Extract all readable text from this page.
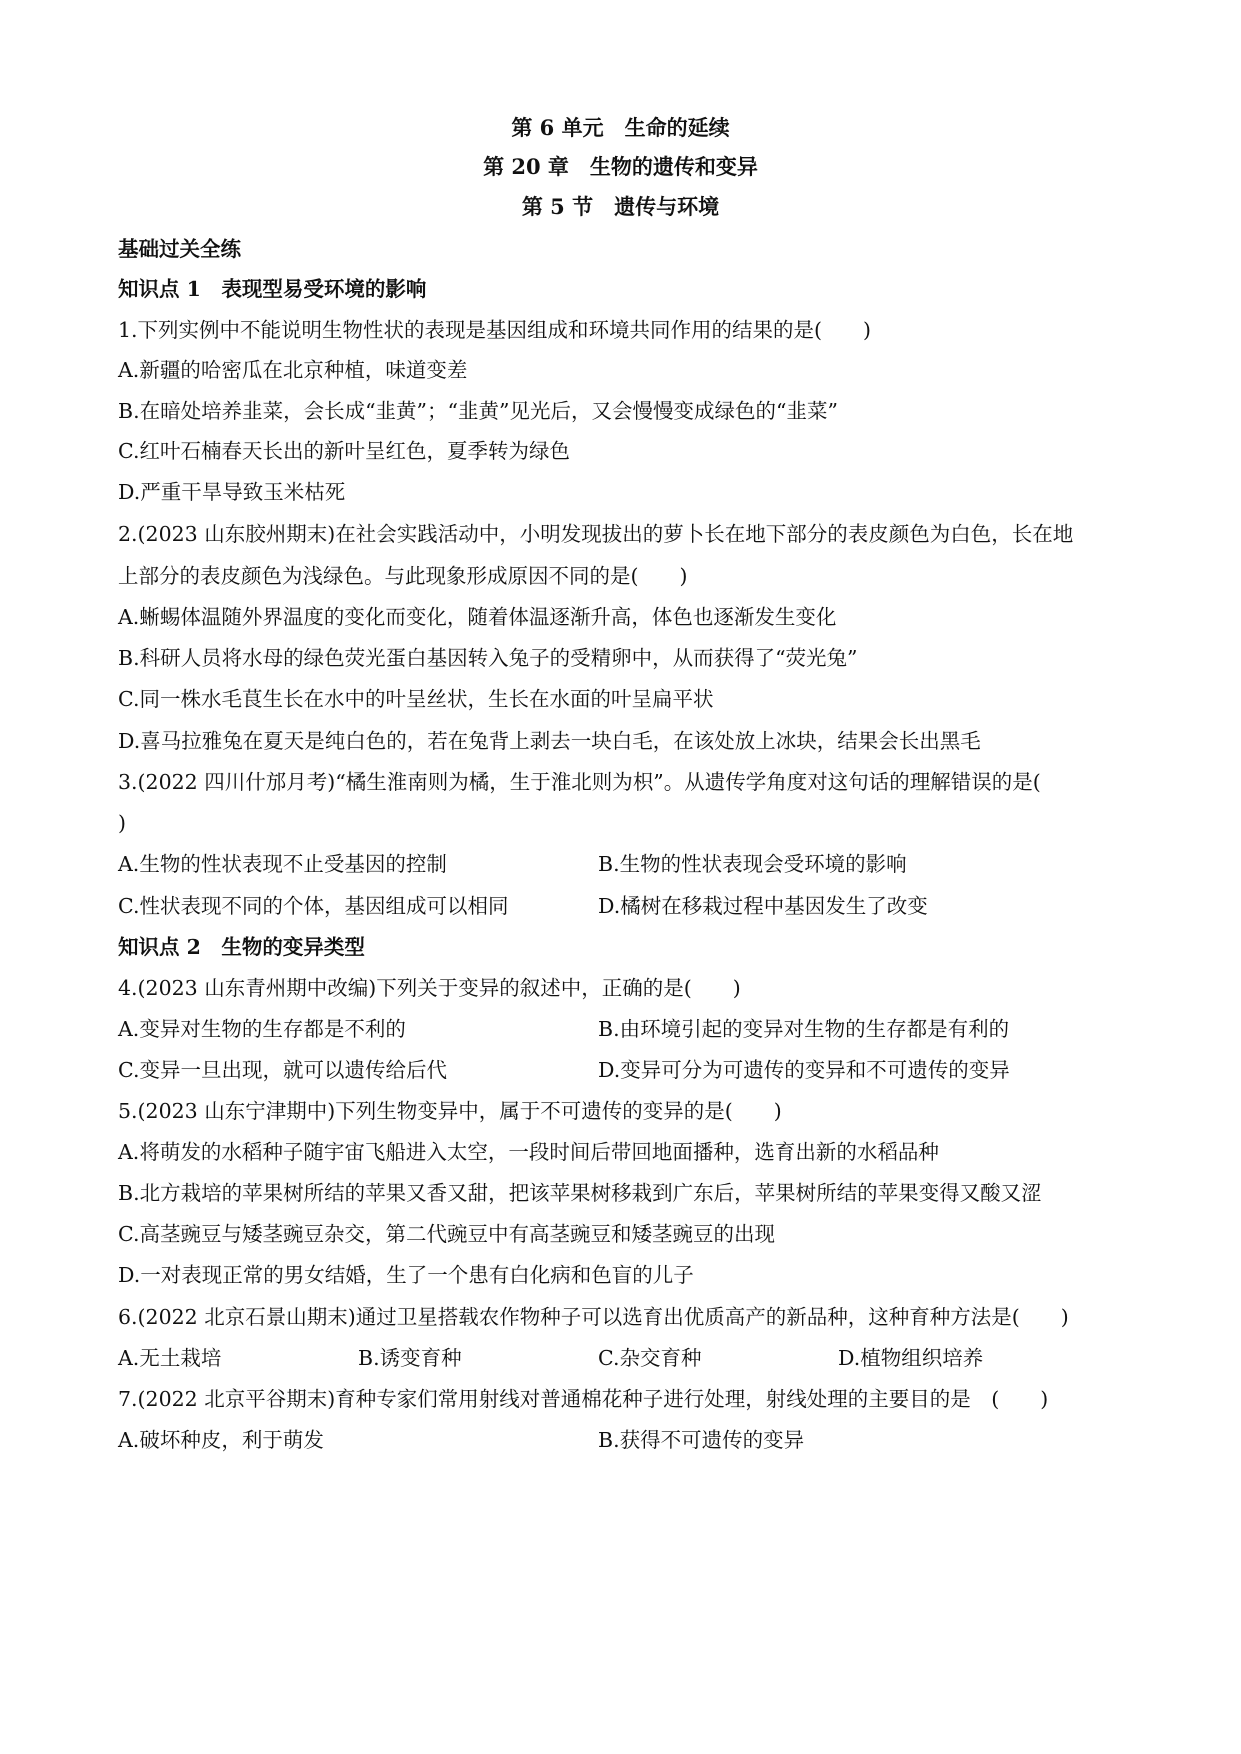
第 6 单元　生命的延续
第 20 章　生物的遗传和变异
第 5 节　遗传与环境
基础过关全练
知识点 1　表现型易受环境的影响
1.下列实例中不能说明生物性状的表现是基因组成和环境共同作用的结果的是(　　)
A.新疆的哈密瓜在北京种植，味道变差
B.在暗处培养韭菜，会长成“韭黄”；“韭黄”见光后，又会慢慢变成绿色的“韭菜”
C.红叶石楠春天长出的新叶呈红色，夏季转为绿色
D.严重干旱导致玉米枯死
2.(2023 山东胶州期末)在社会实践活动中，小明发现拔出的萝卜长在地下部分的表皮颜色为白色，长在地
上部分的表皮颜色为浅绿色。与此现象形成原因不同的是(　　)
A.蜥蜴体温随外界温度的变化而变化，随着体温逐渐升高，体色也逐渐发生变化
B.科研人员将水母的绿色荧光蛋白基因转入兔子的受精卵中，从而获得了“荧光兔”
C.同一株水毛茛生长在水中的叶呈丝状，生长在水面的叶呈扁平状
D.喜马拉雅兔在夏天是纯白色的，若在兔背上剥去一块白毛，在该处放上冰块，结果会长出黑毛
3.(2022 四川什邡月考)“橘生淮南则为橘，生于淮北则为枳”。从遗传学角度对这句话的理解错误的是(
)
A.生物的性状表现不止受基因的控制	B.生物的性状表现会受环境的影响
C.性状表现不同的个体，基因组成可以相同	D.橘树在移栽过程中基因发生了改变
知识点 2　生物的变异类型
4.(2023 山东青州期中改编)下列关于变异的叙述中，正确的是(　　)
A.变异对生物的生存都是不利的	B.由环境引起的变异对生物的生存都是有利的
C.变异一旦出现，就可以遗传给后代	D.变异可分为可遗传的变异和不可遗传的变异
5.(2023 山东宁津期中)下列生物变异中，属于不可遗传的变异的是(　　)
A.将萌发的水稻种子随宇宙飞船进入太空，一段时间后带回地面播种，选育出新的水稻品种
B.北方栽培的苹果树所结的苹果又香又甜，把该苹果树移栽到广东后，苹果树所结的苹果变得又酸又涩
C.高茎豌豆与矮茎豌豆杂交，第二代豌豆中有高茎豌豆和矮茎豌豆的出现
D.一对表现正常的男女结婚，生了一个患有白化病和色盲的儿子
6.(2022 北京石景山期末)通过卫星搭载农作物种子可以选育出优质高产的新品种，这种育种方法是(　　)
A.无土栽培	B.诱变育种	C.杂交育种	D.植物组织培养
7.(2022 北京平谷期末)育种专家们常用射线对普通棉花种子进行处理，射线处理的主要目的是　(　　)
A.破坏种皮，利于萌发	B.获得不可遗传的变异
